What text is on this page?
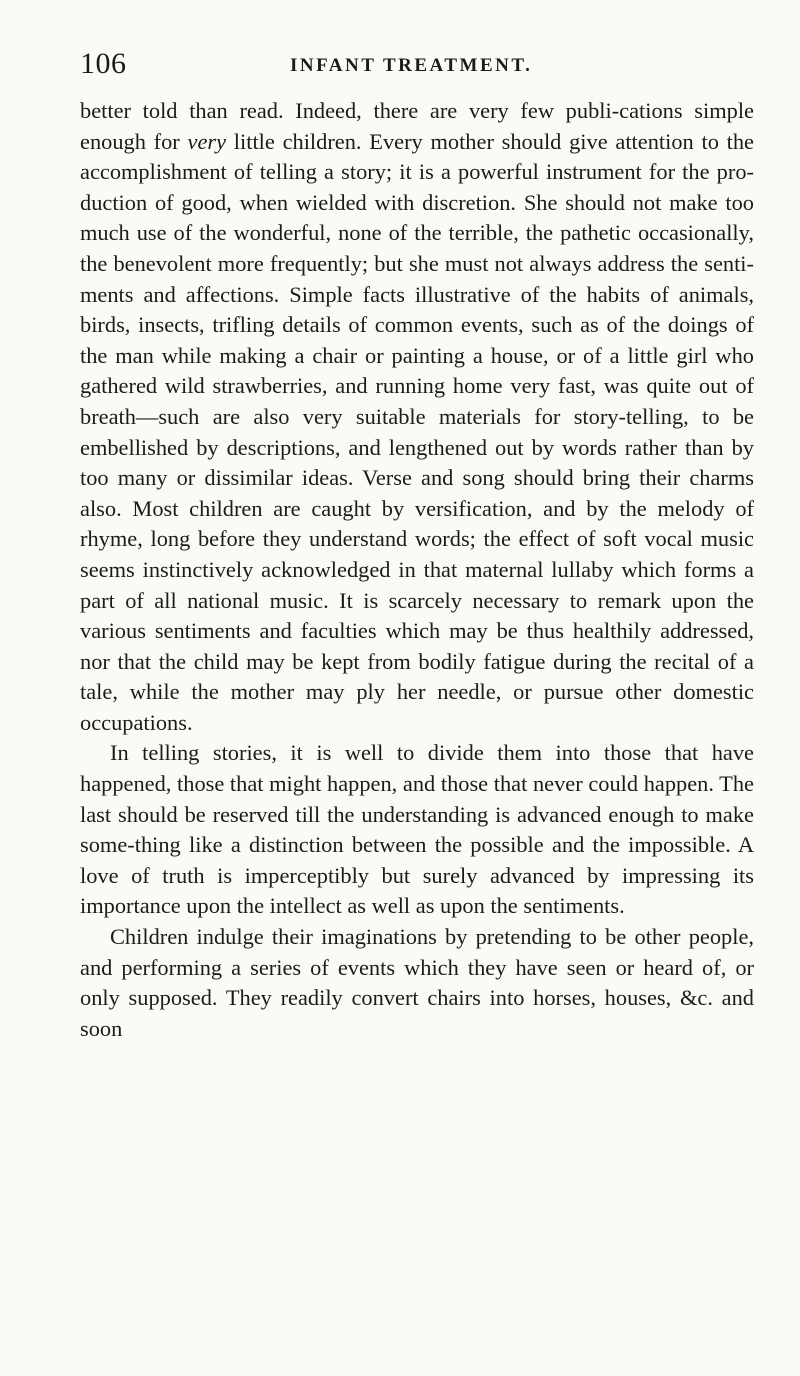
106	INFANT TREATMENT.

better told than read. Indeed, there are very few publi-cations simple enough for very little children. Every mother should give attention to the accomplishment of telling a story; it is a powerful instrument for the pro-duction of good, when wielded with discretion. She should not make too much use of the wonderful, none of the terrible, the pathetic occasionally, the benevolent more frequently; but she must not always address the senti-ments and affections. Simple facts illustrative of the habits of animals, birds, insects, trifling details of common events, such as of the doings of the man while making a chair or painting a house, or of a little girl who gathered wild strawberries, and running home very fast, was quite out of breath—such are also very suitable materials for story-telling, to be embellished by descriptions, and lengthened out by words rather than by too many or dissimilar ideas. Verse and song should bring their charms also. Most children are caught by versification, and by the melody of rhyme, long before they understand words; the effect of soft vocal music seems instinctively acknowledged in that maternal lullaby which forms a part of all national music. It is scarcely necessary to remark upon the various sentiments and faculties which may be thus healthily addressed, nor that the child may be kept from bodily fatigue during the recital of a tale, while the mother may ply her needle, or pursue other domestic occupations.

In telling stories, it is well to divide them into those that have happened, those that might happen, and those that never could happen. The last should be reserved till the understanding is advanced enough to make some-thing like a distinction between the possible and the impossible. A love of truth is imperceptibly but surely advanced by impressing its importance upon the intellect as well as upon the sentiments.

Children indulge their imaginations by pretending to be other people, and performing a series of events which they have seen or heard of, or only supposed. They readily convert chairs into horses, houses, &c. and soon
